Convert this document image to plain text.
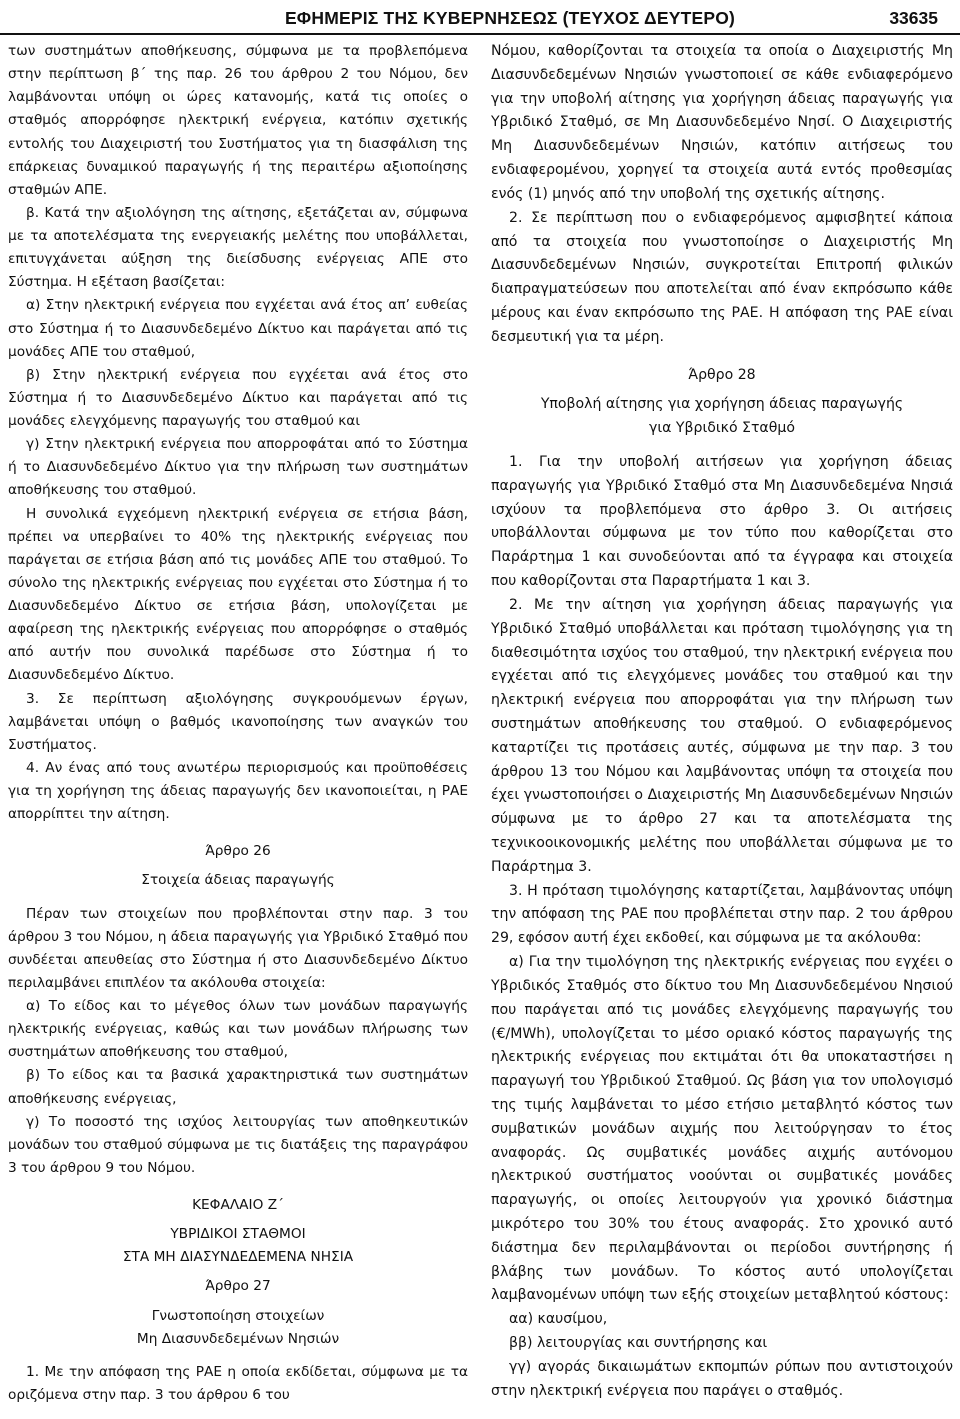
ΕΦΗΜΕΡΙΣ ΤΗΣ ΚΥΒΕΡΝΗΣΕΩΣ (ΤΕΥΧΟΣ ΔΕΥΤΕΡΟ)	33635

των συστημάτων αποθήκευσης, σύμφωνα με τα προβλεπόμενα στην περίπτωση β΄ της παρ. 26 του άρθρου 2 του Νόμου, δεν λαμβάνονται υπόψη οι ώρες κατανομής, κατά τις οποίες ο σταθμός απορρόφησε ηλεκτρική ενέργεια, κατόπιν σχετικής εντολής του Διαχειριστή του Συστήματος για τη διασφάλιση της επάρκειας δυναμικού παραγωγής ή της περαιτέρω αξιοποίησης σταθμών ΑΠΕ.

β. Κατά την αξιολόγηση της αίτησης, εξετάζεται αν, σύμφωνα με τα αποτελέσματα της ενεργειακής μελέτης που υποβάλλεται, επιτυγχάνεται αύξηση της διείσδυσης ενέργειας ΑΠΕ στο Σύστημα. Η εξέταση βασίζεται:

α) Στην ηλεκτρική ενέργεια που εγχέεται ανά έτος απ’ ευθείας στο Σύστημα ή το Διασυνδεδεμένο Δίκτυο και παράγεται από τις μονάδες ΑΠΕ του σταθμού,

β) Στην ηλεκτρική ενέργεια που εγχέεται ανά έτος στο Σύστημα ή το Διασυνδεδεμένο Δίκτυο και παράγεται από τις μονάδες ελεγχόμενης παραγωγής του σταθμού και

γ) Στην ηλεκτρική ενέργεια που απορροφάται από το Σύστημα ή το Διασυνδεδεμένο Δίκτυο για την πλήρωση των συστημάτων αποθήκευσης του σταθμού.

Η συνολικά εγχεόμενη ηλεκτρική ενέργεια σε ετήσια βάση, πρέπει να υπερβαίνει το 40% της ηλεκτρικής ενέργειας που παράγεται σε ετήσια βάση από τις μονάδες ΑΠΕ του σταθμού. Το σύνολο της ηλεκτρικής ενέργειας που εγχέεται στο Σύστημα ή το Διασυνδεδεμένο Δίκτυο σε ετήσια βάση, υπολογίζεται με αφαίρεση της ηλεκτρικής ενέργειας που απορρόφησε ο σταθμός από αυτήν που συνολικά παρέδωσε στο Σύστημα ή το Διασυνδεδεμένο Δίκτυο.

3. Σε περίπτωση αξιολόγησης συγκρουόμενων έργων, λαμβάνεται υπόψη ο βαθμός ικανοποίησης των αναγκών του Συστήματος.

4. Αν ένας από τους ανωτέρω περιορισμούς και προϋποθέσεις για τη χορήγηση της άδειας παραγωγής δεν ικανοποιείται, η ΡΑΕ απορρίπτει την αίτηση.

Άρθρο 26

Στοιχεία άδειας παραγωγής

Πέραν των στοιχείων που προβλέπονται στην παρ. 3 του άρθρου 3 του Νόμου, η άδεια παραγωγής για Υβριδικό Σταθμό που συνδέεται απευθείας στο Σύστημα ή στο Διασυνδεδεμένο Δίκτυο περιλαμβάνει επιπλέον τα ακόλουθα στοιχεία:

α) Το είδος και το μέγεθος όλων των μονάδων παραγωγής ηλεκτρικής ενέργειας, καθώς και των μονάδων πλήρωσης των συστημάτων αποθήκευσης του σταθμού,

β) Το είδος και τα βασικά χαρακτηριστικά των συστημάτων αποθήκευσης ενέργειας,

γ) Το ποσοστό της ισχύος λειτουργίας των αποθηκευτικών μονάδων του σταθμού σύμφωνα με τις διατάξεις της παραγράφου 3 του άρθρου 9 του Νόμου.

ΚΕΦΑΛΑΙΟ Ζ΄

ΥΒΡΙΔΙΚΟΙ ΣΤΑΘΜΟΙ

ΣΤΑ ΜΗ ΔΙΑΣΥΝΔΕΔΕΜΕΝΑ ΝΗΣΙΑ

Άρθρο 27

Γνωστοποίηση στοιχείων

Μη Διασυνδεδεμένων Νησιών

1. Με την απόφαση της ΡΑΕ η οποία εκδίδεται, σύμφωνα με τα οριζόμενα στην παρ. 3 του άρθρου 6 του

Νόμου, καθορίζονται τα στοιχεία τα οποία ο Διαχειριστής Μη Διασυνδεδεμένων Νησιών γνωστοποιεί σε κάθε ενδιαφερόμενο για την υποβολή αίτησης για χορήγηση άδειας παραγωγής για Υβριδικό Σταθμό, σε Μη Διασυνδεδεμένο Νησί. Ο Διαχειριστής Μη Διασυνδεδεμένων Νησιών, κατόπιν αιτήσεως του ενδιαφερομένου, χορηγεί τα στοιχεία αυτά εντός προθεσμίας ενός (1) μηνός από την υποβολή της σχετικής αίτησης.

2. Σε περίπτωση που ο ενδιαφερόμενος αμφισβητεί κάποια από τα στοιχεία που γνωστοποίησε ο Διαχειριστής Μη Διασυνδεδεμένων Νησιών, συγκροτείται Επιτροπή φιλικών διαπραγματεύσεων που αποτελείται από έναν εκπρόσωπο κάθε μέρους και έναν εκπρόσωπο της ΡΑΕ. Η απόφαση της ΡΑΕ είναι δεσμευτική για τα μέρη.

Άρθρο 28

Υποβολή αίτησης για χορήγηση άδειας παραγωγής

για Υβριδικό Σταθμό

1. Για την υποβολή αιτήσεων για χορήγηση άδειας παραγωγής για Υβριδικό Σταθμό στα Μη Διασυνδεδεμένα Νησιά ισχύουν τα προβλεπόμενα στο άρθρο 3. Οι αιτήσεις υποβάλλονται σύμφωνα με τον τύπο που καθορίζεται στο Παράρτημα 1 και συνοδεύονται από τα έγγραφα και στοιχεία που καθορίζονται στα Παραρτήματα 1 και 3.

2. Με την αίτηση για χορήγηση άδειας παραγωγής για Υβριδικό Σταθμό υποβάλλεται και πρόταση τιμολόγησης για τη διαθεσιμότητα ισχύος του σταθμού, την ηλεκτρική ενέργεια που εγχέεται από τις ελεγχόμενες μονάδες του σταθμού και την ηλεκτρική ενέργεια που απορροφάται για την πλήρωση των συστημάτων αποθήκευσης του σταθμού. Ο ενδιαφερόμενος καταρτίζει τις προτάσεις αυτές, σύμφωνα με την παρ. 3 του άρθρου 13 του Νόμου και λαμβάνοντας υπόψη τα στοιχεία που έχει γνωστοποιήσει ο Διαχειριστής Μη Διασυνδεδεμένων Νησιών σύμφωνα με το άρθρο 27 και τα αποτελέσματα της τεχνικοοικονομικής μελέτης που υποβάλλεται σύμφωνα με το Παράρτημα 3.

3. Η πρόταση τιμολόγησης καταρτίζεται, λαμβάνοντας υπόψη την απόφαση της ΡΑΕ που προβλέπεται στην παρ. 2 του άρθρου 29, εφόσον αυτή έχει εκδοθεί, και σύμφωνα με τα ακόλουθα:

α) Για την τιμολόγηση της ηλεκτρικής ενέργειας που εγχέει ο Υβριδικός Σταθμός στο δίκτυο του Μη Διασυνδεδεμένου Νησιού που παράγεται από τις μονάδες ελεγχόμενης παραγωγής του (€/MWh), υπολογίζεται το μέσο οριακό κόστος παραγωγής της ηλεκτρικής ενέργειας που εκτιμάται ότι θα υποκαταστήσει η παραγωγή του Υβριδικού Σταθμού. Ως βάση για τον υπολογισμό της τιμής λαμβάνεται το μέσο ετήσιο μεταβλητό κόστος των συμβατικών μονάδων αιχμής που λειτούργησαν το έτος αναφοράς. Ως συμβατικές μονάδες αιχμής αυτόνομου ηλεκτρικού συστήματος νοούνται οι συμβατικές μονάδες παραγωγής, οι οποίες λειτουργούν για χρονικό διάστημα μικρότερο του 30% του έτους αναφοράς. Στο χρονικό αυτό διάστημα δεν περιλαμβάνονται οι περίοδοι συντήρησης ή βλάβης των μονάδων. Το κόστος αυτό υπολογίζεται λαμβανομένων υπόψη των εξής στοιχείων μεταβλητού κόστους:

αα) καυσίμου,

ββ) λειτουργίας και συντήρησης και

γγ) αγοράς δικαιωμάτων εκπομπών ρύπων που αντιστοιχούν στην ηλεκτρική ενέργεια που παράγει ο σταθμός.
